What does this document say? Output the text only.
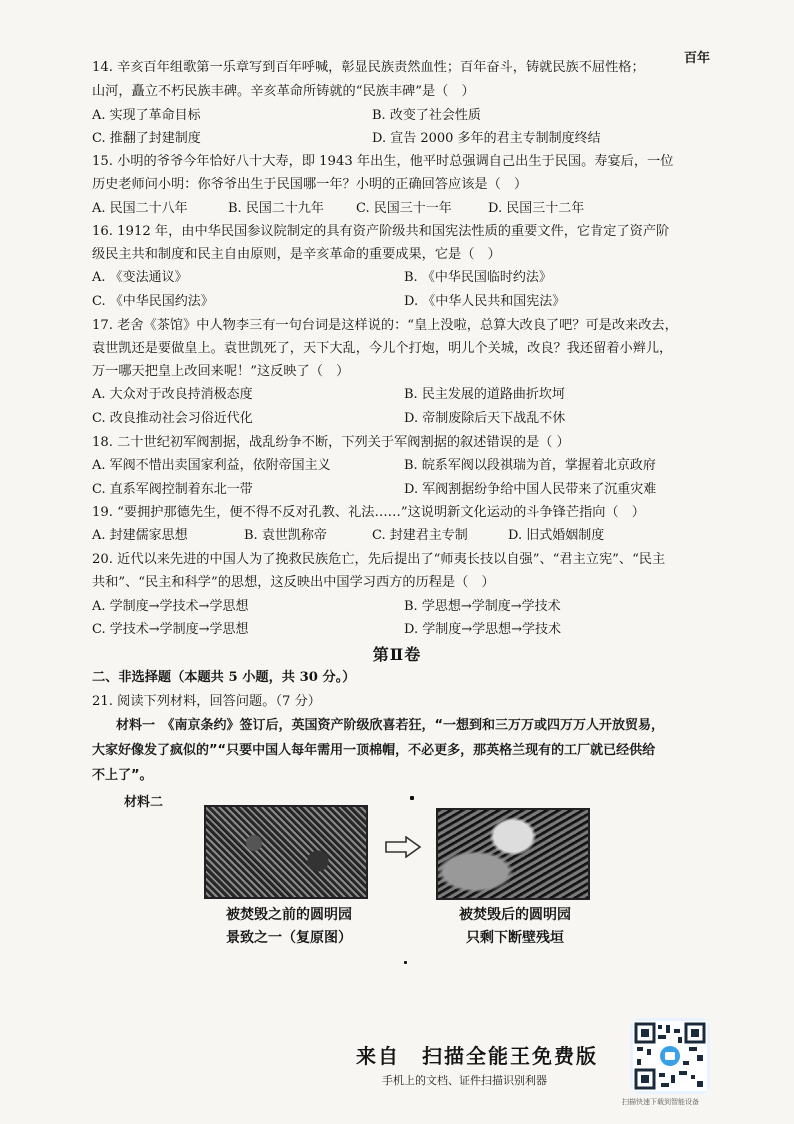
百年
14. 辛亥百年组歌第一乐章写到百年呼喊，彰显民族责然血性；百年奋斗，铸就民族不屈性格；
山河，矗立不朽民族丰碑。辛亥革命所铸就的“民族丰碑”是（　）
A. 实现了革命目标	B. 改变了社会性质
C. 推翻了封建制度	D. 宣告 2000 多年的君主专制制度终结
15. 小明的爷爷今年恰好八十大寿，即 1943 年出生，他平时总强调自己出生于民国。寿宴后，一位
历史老师问小明：你爷爷出生于民国哪一年？小明的正确回答应该是（　）
A. 民国二十八年	B. 民国二十九年 C. 民国三十一年	D. 民国三十二年
16. 1912 年，由中华民国参议院制定的具有资产阶级共和国宪法性质的重要文件，它肯定了资产阶
级民主共和制度和民主自由原则，是辛亥革命的重要成果，它是（　）
A. 《变法通议》	B. 《中华民国临时约法》
C. 《中华民国约法》	D. 《中华人民共和国宪法》
17. 老舍《茶馆》中人物李三有一句台词是这样说的：“皇上没啦，总算大改良了吧？可是改来改去，
袁世凯还是要做皇上。袁世凯死了，天下大乱，今儿个打炮，明儿个关城，改良？我还留着小辫儿，
万一哪天把皇上改回来呢！”这反映了（　）
A. 大众对于改良持消极态度	B. 民主发展的道路曲折坎坷
C. 改良推动社会习俗近代化	D. 帝制废除后天下战乱不休
18. 二十世纪初军阀割据，战乱纷争不断，下列关于军阀割据的叙述错误的是（ ）
A. 军阀不惜出卖国家利益，依附帝国主义	B. 皖系军阀以段祺瑞为首，掌握着北京政府
C. 直系军阀控制着东北一带	D. 军阀割据纷争给中国人民带来了沉重灾难
19. “要拥护那德先生，便不得不反对孔教、礼法……”这说明新文化运动的斗争锋芒指向（　）
A. 封建儒家思想	B. 袁世凯称帝	C. 封建君主专制	D. 旧式婚姻制度
20. 近代以来先进的中国人为了挽救民族危亡，先后提出了“师夷长技以自强”、“君主立宪”、“民主
共和”、“民主和科学”的思想，这反映出中国学习西方的历程是（　）
A. 学制度→学技术→学思想	B. 学思想→学制度→学技术
C. 学技术→学制度→学思想	D. 学制度→学思想→学技术
第Ⅱ卷
二、非选择题（本题共 5 小题，共 30 分。）
21. 阅读下列材料，回答问题。（7 分）
材料一　《南京条约》签订后，英国资产阶级欣喜若狂，“一想到和三万万或四万万人开放贸易，
大家好像发了疯似的”“只要中国人每年需用一顶棉帽，不必更多，那英格兰现有的工厂就已经供给
不上了”。
材料二
被焚毁之前的圆明园
景致之一（复原图）
被焚毁后的圆明园
只剩下断壁残垣
来自　扫描全能王免费版
手机上的文档、证件扫描识别利器
扫描快速下载到智能设备
